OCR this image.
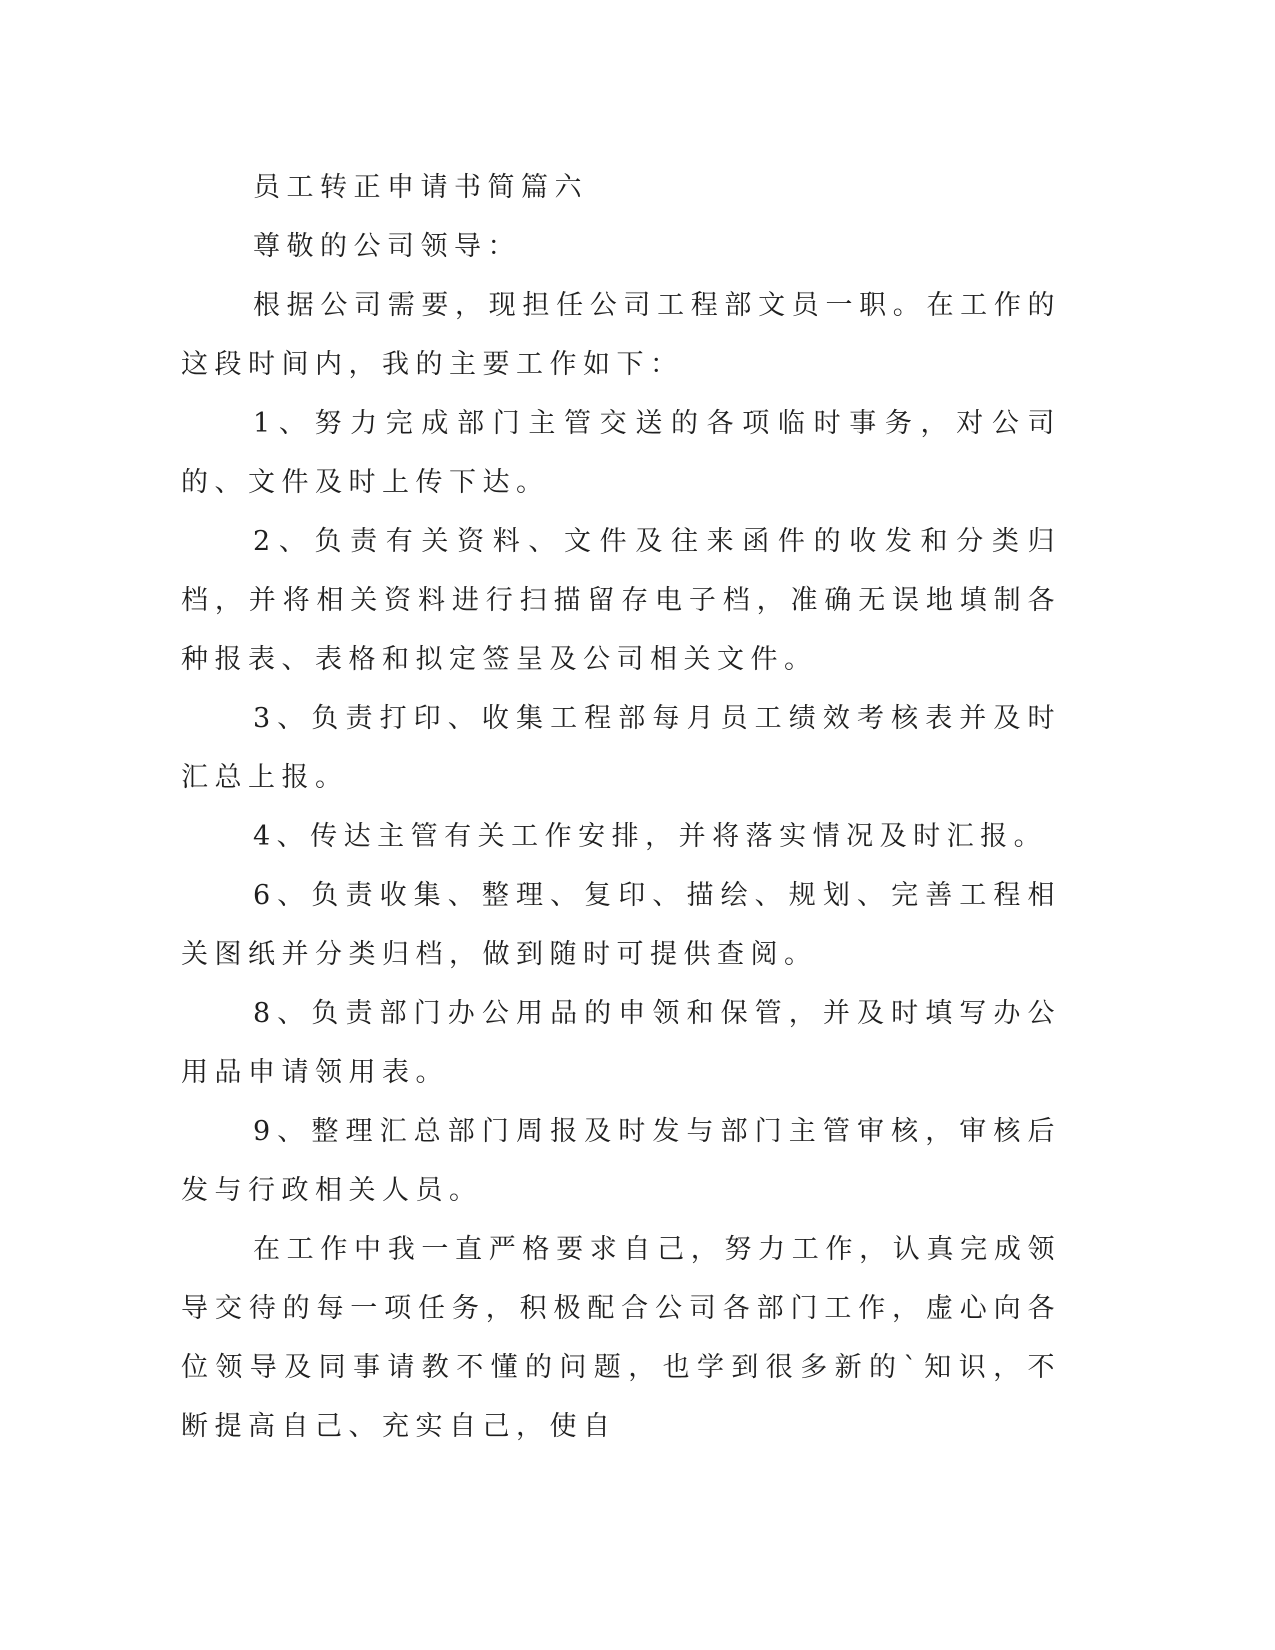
员工转正申请书简篇六

尊敬的公司领导：

根据公司需要，现担任公司工程部文员一职。在工作的这段时间内，我的主要工作如下：

1、努力完成部门主管交送的各项临时事务，对公司的、文件及时上传下达。

2、负责有关资料、文件及往来函件的收发和分类归档，并将相关资料进行扫描留存电子档，准确无误地填制各种报表、表格和拟定签呈及公司相关文件。

3、负责打印、收集工程部每月员工绩效考核表并及时汇总上报。

4、传达主管有关工作安排，并将落实情况及时汇报。

6、负责收集、整理、复印、描绘、规划、完善工程相关图纸并分类归档，做到随时可提供查阅。

8、负责部门办公用品的申领和保管，并及时填写办公用品申请领用表。

9、整理汇总部门周报及时发与部门主管审核，审核后发与行政相关人员。

在工作中我一直严格要求自己，努力工作，认真完成领导交待的每一项任务，积极配合公司各部门工作，虚心向各位领导及同事请教不懂的问题，也学到很多新的`知识，不断提高自己、充实自己，使自
